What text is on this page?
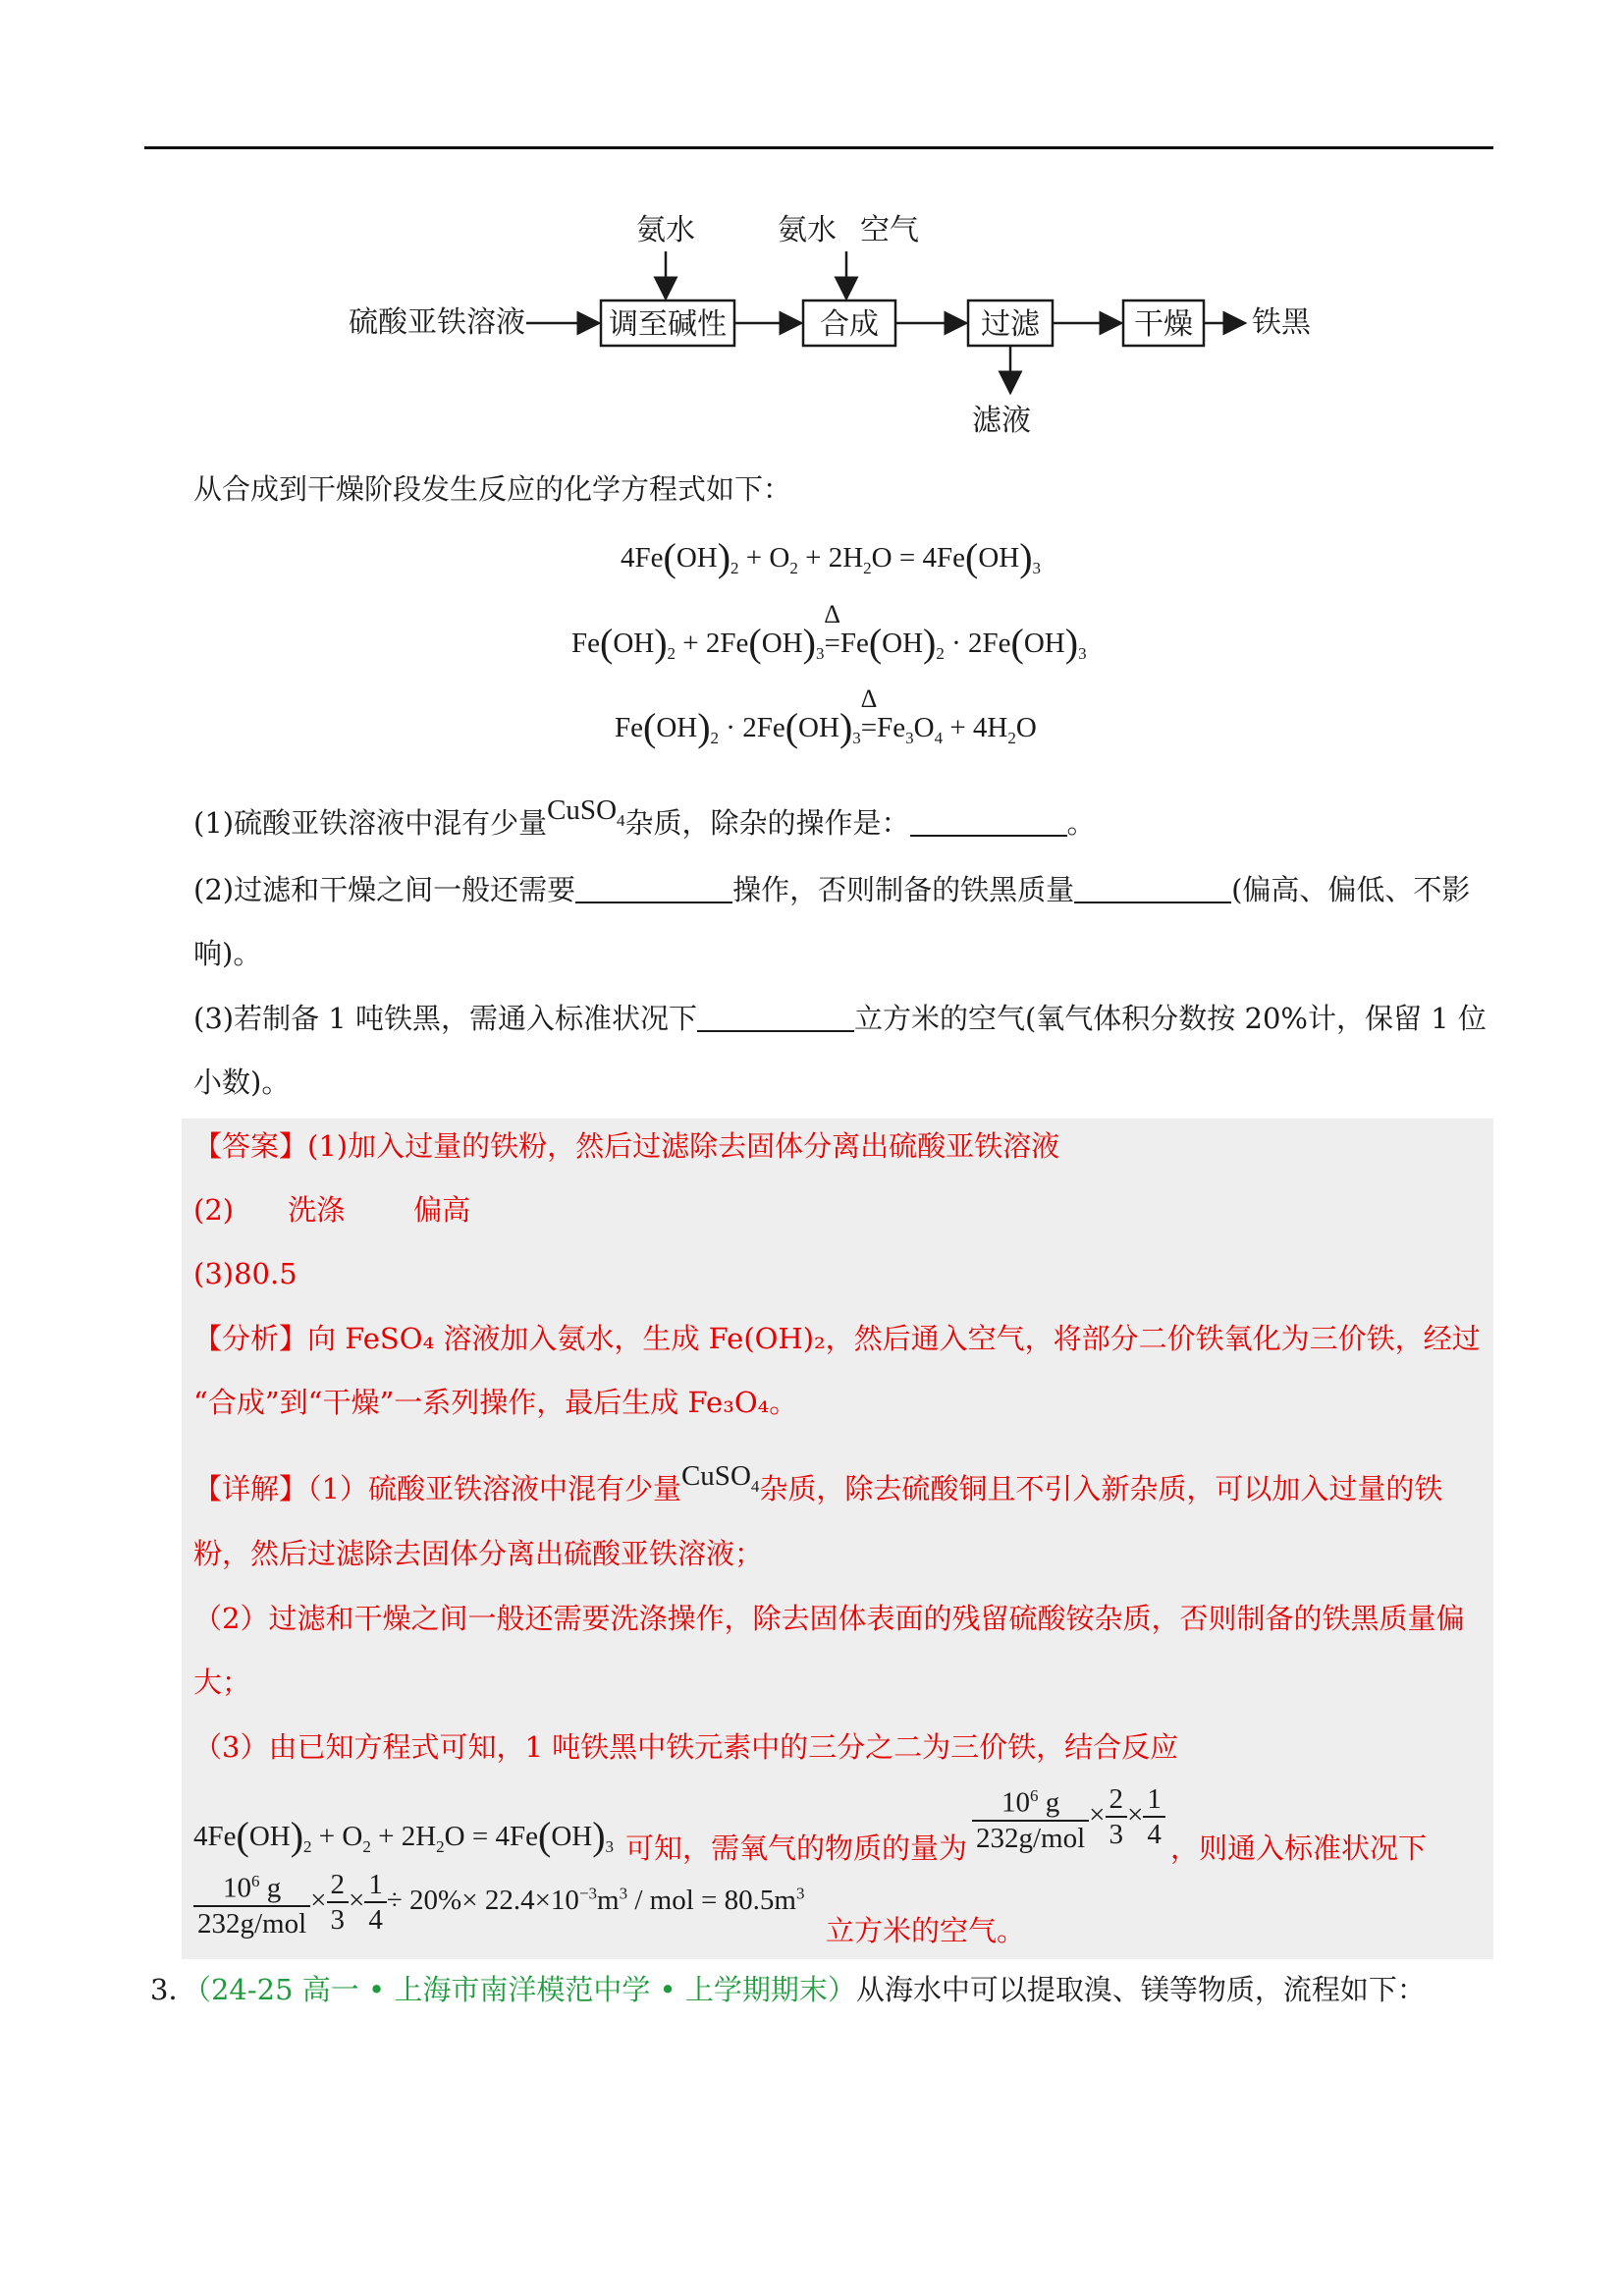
氨水	氨水 空气
硫酸亚铁溶液	铁黑
滤液
调至碱性	合成	过滤	干燥
从合成到干燥阶段发生反应的化学方程式如下：
$4Fe(OH)_2 + O_2 + 2H_2O = 4Fe(OH)_3$
$Fe(OH)_2 + 2Fe(OH)_3$
Δ
$=Fe(OH)_2 \cdot 2Fe(OH)_3$
$Fe(OH)_2 \cdot 2Fe(OH)_3$
Δ
$=Fe_3O_4 + 4H_2O$
(1)硫酸亚铁溶液中混有少量CuSO$_4$杂质，除杂的操作是：	。
(2)过滤和干燥之间一般还需要	操作，否则制备的铁黑质量	(偏高、偏低、不影
响)。
(3)若制备 1 吨铁黑，需通入标准状况下	立方米的空气(氧气体积分数按 20%计，保留 1 位
小数)。
【答案】(1)加入过量的铁粉，然后过滤除去固体分离出硫酸亚铁溶液
(2) 洗涤 偏高
(3)80.5
【分析】向 FeSO₄ 溶液加入氨水，生成 Fe(OH)₂，然后通入空气，将部分二价铁氧化为三价铁，经过
“合成”到“干燥”一系列操作，最后生成 Fe₃O₄。
【详解】（1）硫酸亚铁溶液中混有少量CuSO$_4$杂质，除去硫酸铜且不引入新杂质，可以加入过量的铁
粉，然后过滤除去固体分离出硫酸亚铁溶液；
（2）过滤和干燥之间一般还需要洗涤操作，除去固体表面的残留硫酸铵杂质，否则制备的铁黑质量偏
大；
（3）由已知方程式可知，1 吨铁黑中铁元素中的三分之二为三价铁，结合反应
$4Fe(OH)_2 + O_2 + 2H_2O = 4Fe(OH)_3$ 可知，需氧气的物质的量为 $\frac{10^6 g}{\text{232g/mol}} \times \frac{2}{3} \times \frac{1}{4}$ ，则通入标准状况下
$\frac{10^6 g}{\text{232g/mol}} \times \frac{2}{3} \times \frac{1}{4} \div 20\%\times 22.4\times 10^{-3}m^3$ / mol = $80.5m^3$
立方米的空气。
3．（24-25 高一 • 上海市南洋模范中学 • 上学期期末）从海水中可以提取溴、镁等物质，流程如下：
